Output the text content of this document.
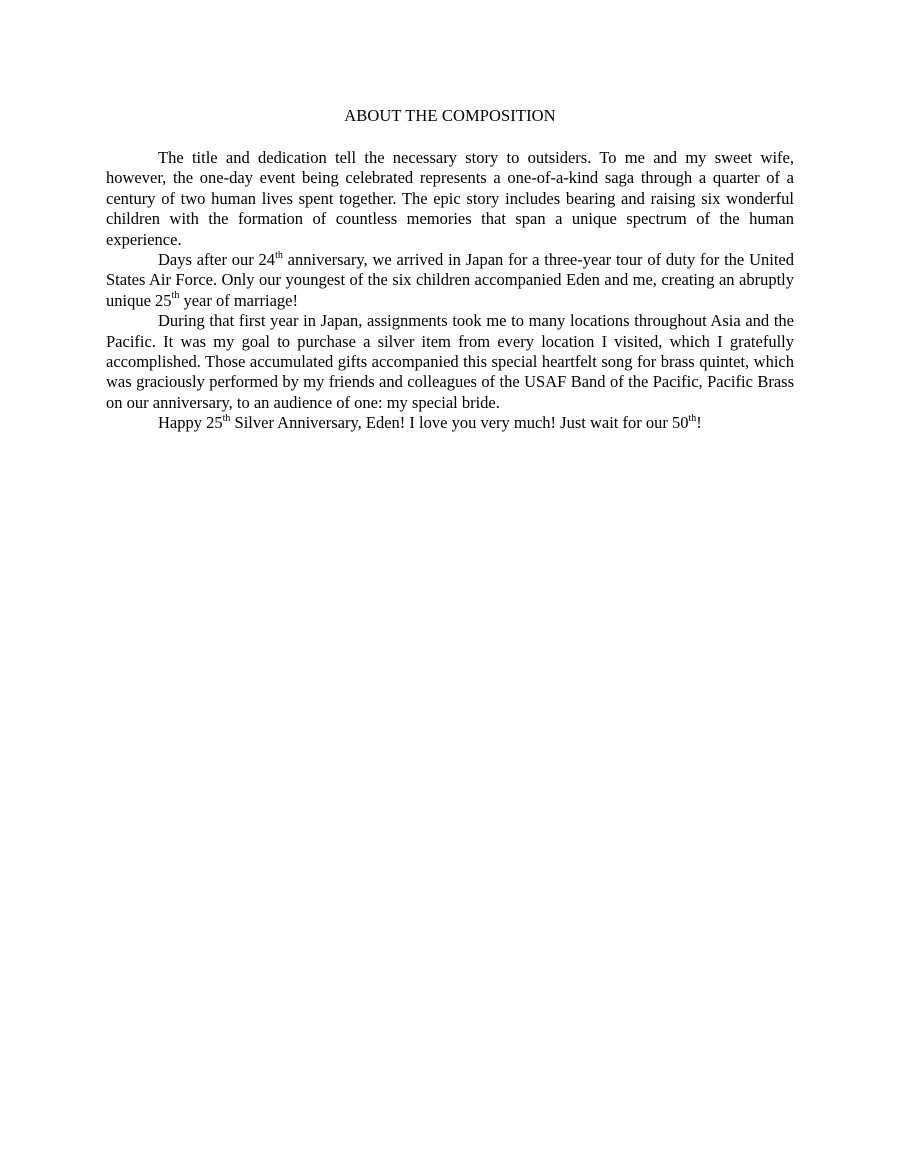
ABOUT THE COMPOSITION

The title and dedication tell the necessary story to outsiders. To me and my sweet wife, however, the one-day event being celebrated represents a one-of-a-kind saga through a quarter of a century of two human lives spent together. The epic story includes bearing and raising six wonderful children with the formation of countless memories that span a unique spectrum of the human experience.

Days after our 24th anniversary, we arrived in Japan for a three-year tour of duty for the United States Air Force. Only our youngest of the six children accompanied Eden and me, creating an abruptly unique 25th year of marriage!

During that first year in Japan, assignments took me to many locations throughout Asia and the Pacific. It was my goal to purchase a silver item from every location I visited, which I gratefully accomplished. Those accumulated gifts accompanied this special heartfelt song for brass quintet, which was graciously performed by my friends and colleagues of the USAF Band of the Pacific, Pacific Brass on our anniversary, to an audience of one: my special bride.

Happy 25th Silver Anniversary, Eden! I love you very much! Just wait for our 50th!
